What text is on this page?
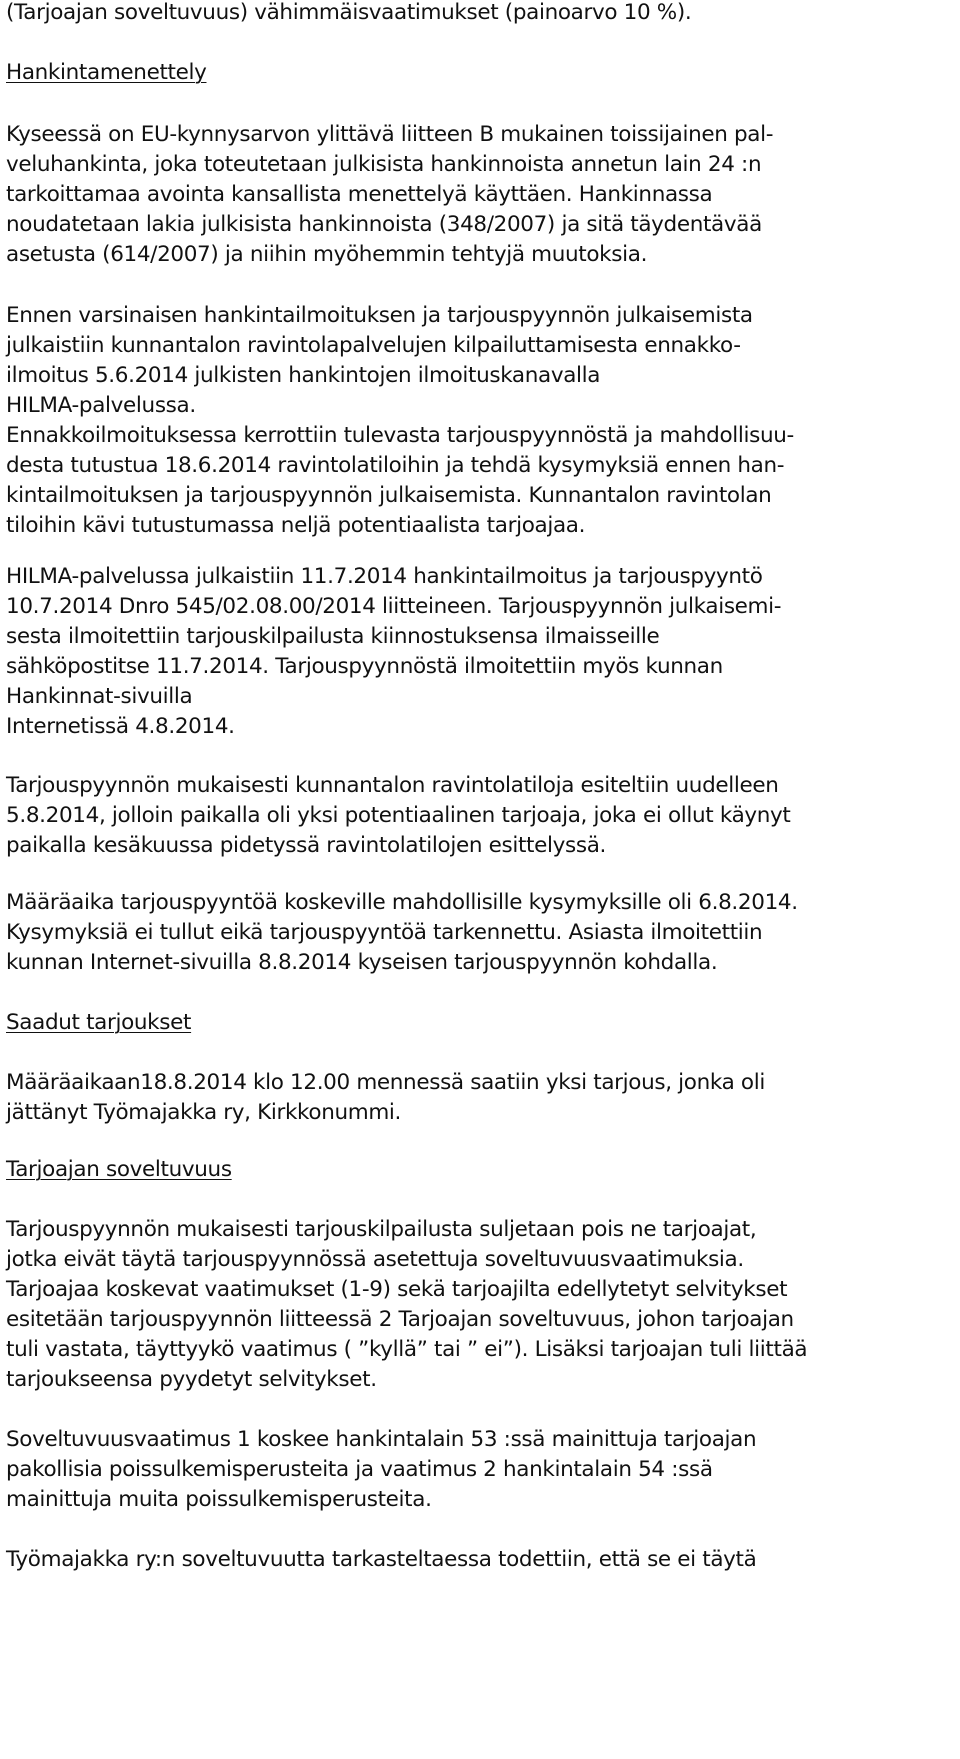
(Tarjoajan soveltuvuus) vähimmäisvaatimukset (painoarvo 10 %).
Hankintamenettely
Kyseessä on EU-kynnysarvon ylittävä liitteen B mukainen toissijainen pal-
veluhankinta, joka toteutetaan julkisista hankinnoista annetun lain 24 :n
tarkoittamaa avointa kansallista menettelyä käyttäen. Hankinnassa
noudatetaan lakia julkisista hankinnoista (348/2007) ja sitä täydentävää
asetusta (614/2007) ja niihin myöhemmin tehtyjä muutoksia.
Ennen varsinaisen hankintailmoituksen ja tarjouspyynnön julkaisemista
julkaistiin kunnantalon ravintolapalvelujen kilpailuttamisesta ennakko-
ilmoitus 5.6.2014 julkisten hankintojen ilmoituskanavalla
HILMA-palvelussa.
Ennakkoilmoituksessa kerrottiin tulevasta tarjouspyynnöstä ja mahdollisuu-
desta tutustua 18.6.2014 ravintolatiloihin ja tehdä kysymyksiä ennen han-
kintailmoituksen ja tarjouspyynnön julkaisemista. Kunnantalon ravintolan
tiloihin kävi tutustumassa neljä potentiaalista tarjoajaa.
HILMA-palvelussa julkaistiin 11.7.2014 hankintailmoitus ja tarjouspyyntö
10.7.2014 Dnro 545/02.08.00/2014 liitteineen. Tarjouspyynnön julkaisemi-
sesta ilmoitettiin tarjouskilpailusta kiinnostuksensa ilmaisseille
sähköpostitse 11.7.2014. Tarjouspyynnöstä ilmoitettiin myös kunnan
Hankinnat-sivuilla
Internetissä 4.8.2014.
Tarjouspyynnön mukaisesti kunnantalon ravintolatiloja esiteltiin uudelleen
5.8.2014, jolloin paikalla oli yksi potentiaalinen tarjoaja, joka ei ollut käynyt
paikalla kesäkuussa pidetyssä ravintolatilojen esittelyssä.
Määräaika tarjouspyyntöä koskeville mahdollisille kysymyksille oli 6.8.2014.
Kysymyksiä ei tullut eikä tarjouspyyntöä tarkennettu. Asiasta ilmoitettiin
kunnan Internet-sivuilla 8.8.2014 kyseisen tarjouspyynnön kohdalla.
Saadut tarjoukset
Määräaikaan18.8.2014 klo 12.00 mennessä saatiin yksi tarjous, jonka oli
jättänyt Työmajakka ry, Kirkkonummi.
Tarjoajan soveltuvuus
Tarjouspyynnön mukaisesti tarjouskilpailusta suljetaan pois ne tarjoajat,
jotka eivät täytä tarjouspyynnössä asetettuja soveltuvuusvaatimuksia.
Tarjoajaa koskevat vaatimukset (1-9) sekä tarjoajilta edellytetyt selvitykset
esitetään tarjouspyynnön liitteessä 2 Tarjoajan soveltuvuus, johon tarjoajan
tuli vastata, täyttyykö vaatimus ( ”kyllä” tai ” ei”). Lisäksi tarjoajan tuli liittää
tarjoukseensa pyydetyt selvitykset.
Soveltuvuusvaatimus 1 koskee hankintalain 53 :ssä mainittuja tarjoajan
pakollisia poissulkemisperusteita ja vaatimus 2 hankintalain 54 :ssä
mainittuja muita poissulkemisperusteita.
Työmajakka ry:n soveltuvuutta tarkasteltaessa todettiin, että se ei täytä
